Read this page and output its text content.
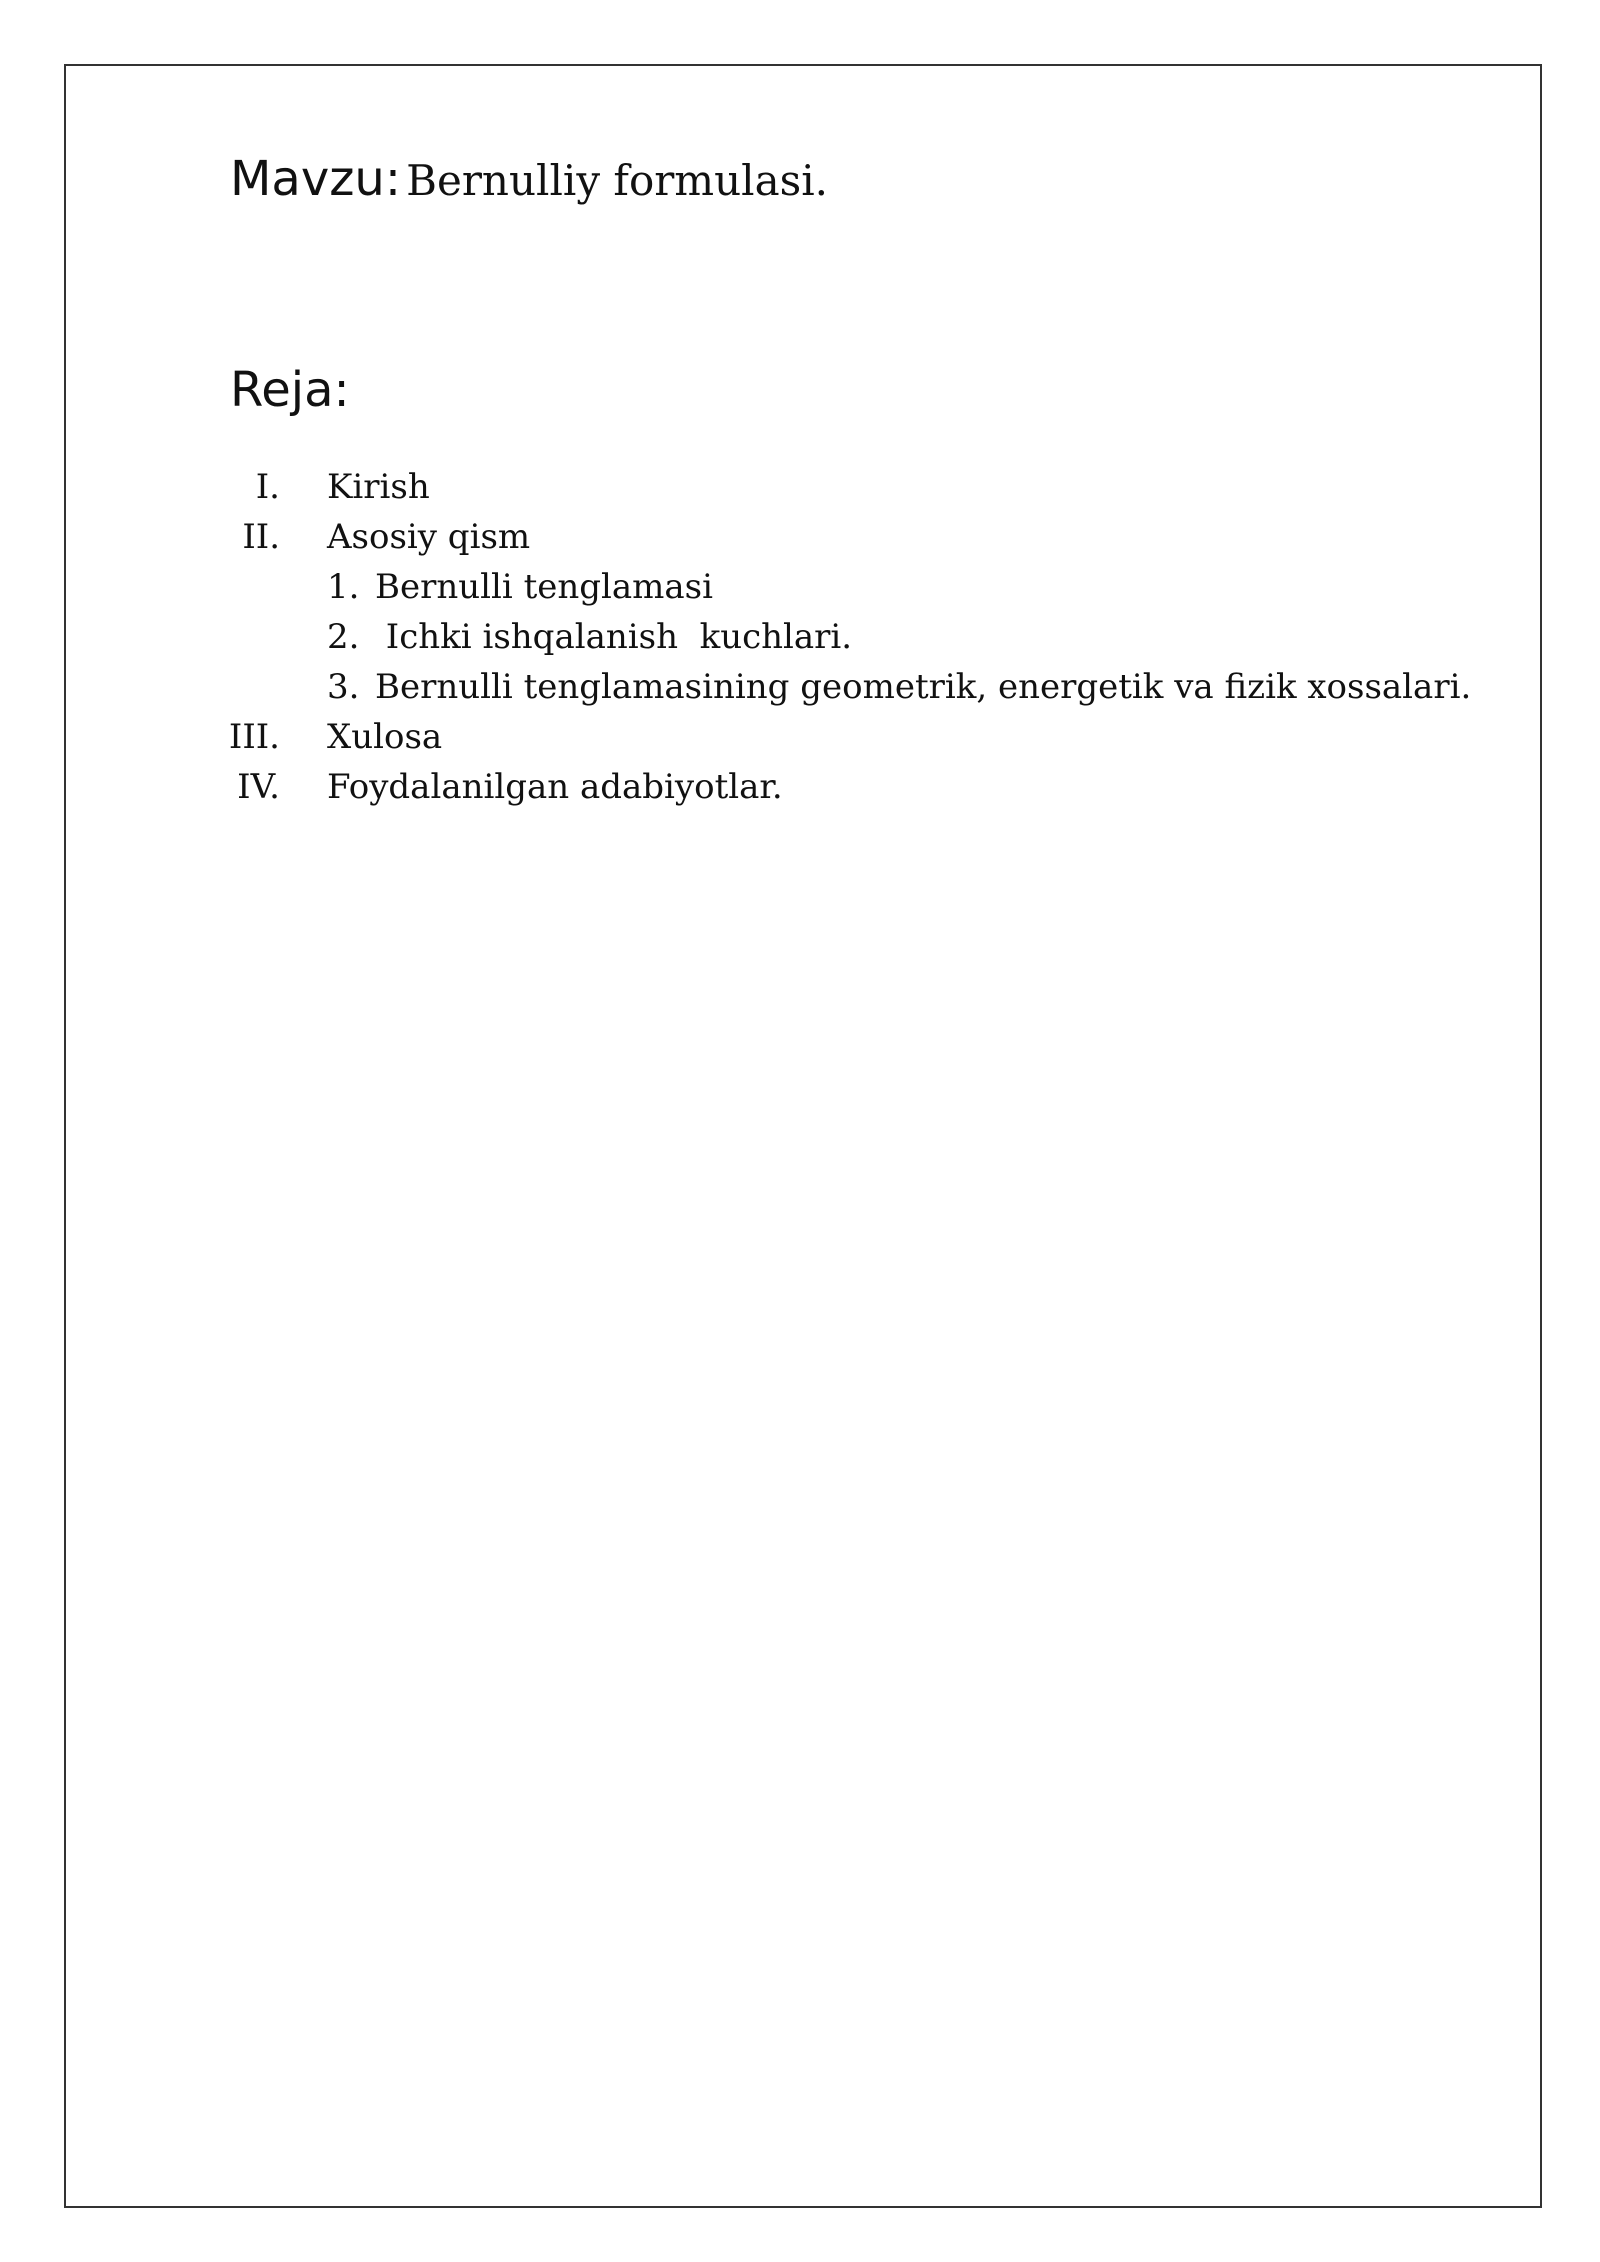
Mavzu: Bernulliy formulasi.
Reja:
I. Kirish
II. Asosiy qism
1. Bernulli tenglamasi
2. Ichki ishqalanish  kuchlari.
3. Bernulli tenglamasining geometrik, energetik va fizik xossalari.
III. Xulosa
IV. Foydalanilgan adabiyotlar.
